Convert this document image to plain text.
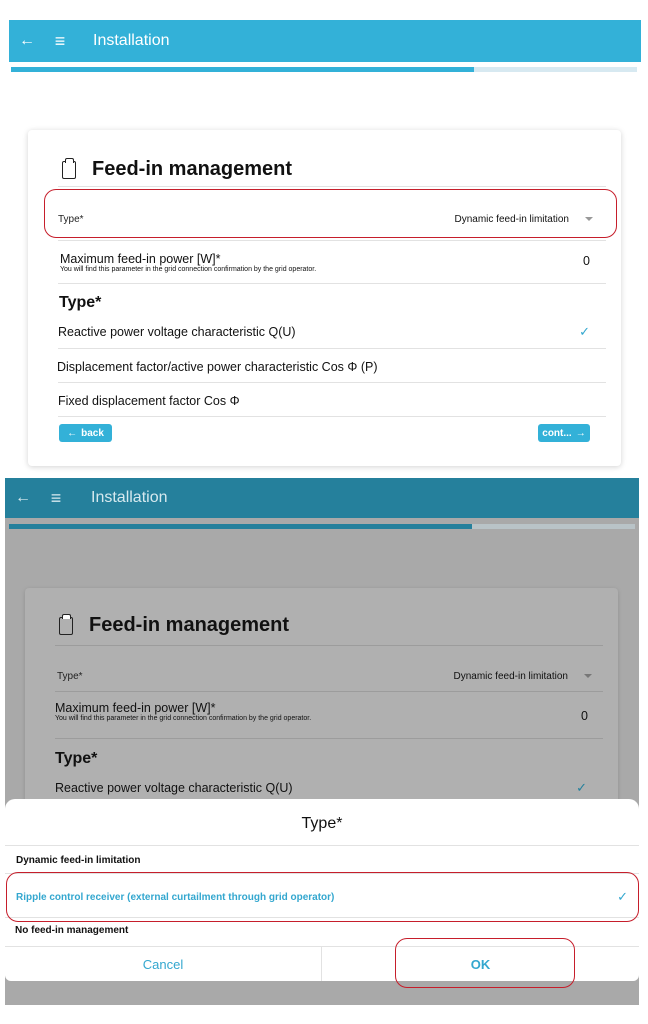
←	≡	Installation
Feed-in management
Type*	Dynamic feed-in limitation
Maximum feed-in power [W]*
You will find this parameter in the grid connection confirmation by the grid operator.
0
Type*
Reactive power voltage characteristic Q(U)	✓
Displacement factor/active power characteristic Cos Φ (P)
Fixed displacement factor Cos Φ
← back	cont... →
←	≡	Installation
Feed-in management
Type*	Dynamic feed-in limitation
Maximum feed-in power [W]*
You will find this parameter in the grid connection confirmation by the grid operator.	0
Type*
Reactive power voltage characteristic Q(U)	✓
Type*
Dynamic feed-in limitation
Ripple control receiver (external curtailment through grid operator)	✓
No feed-in management
Cancel	OK
